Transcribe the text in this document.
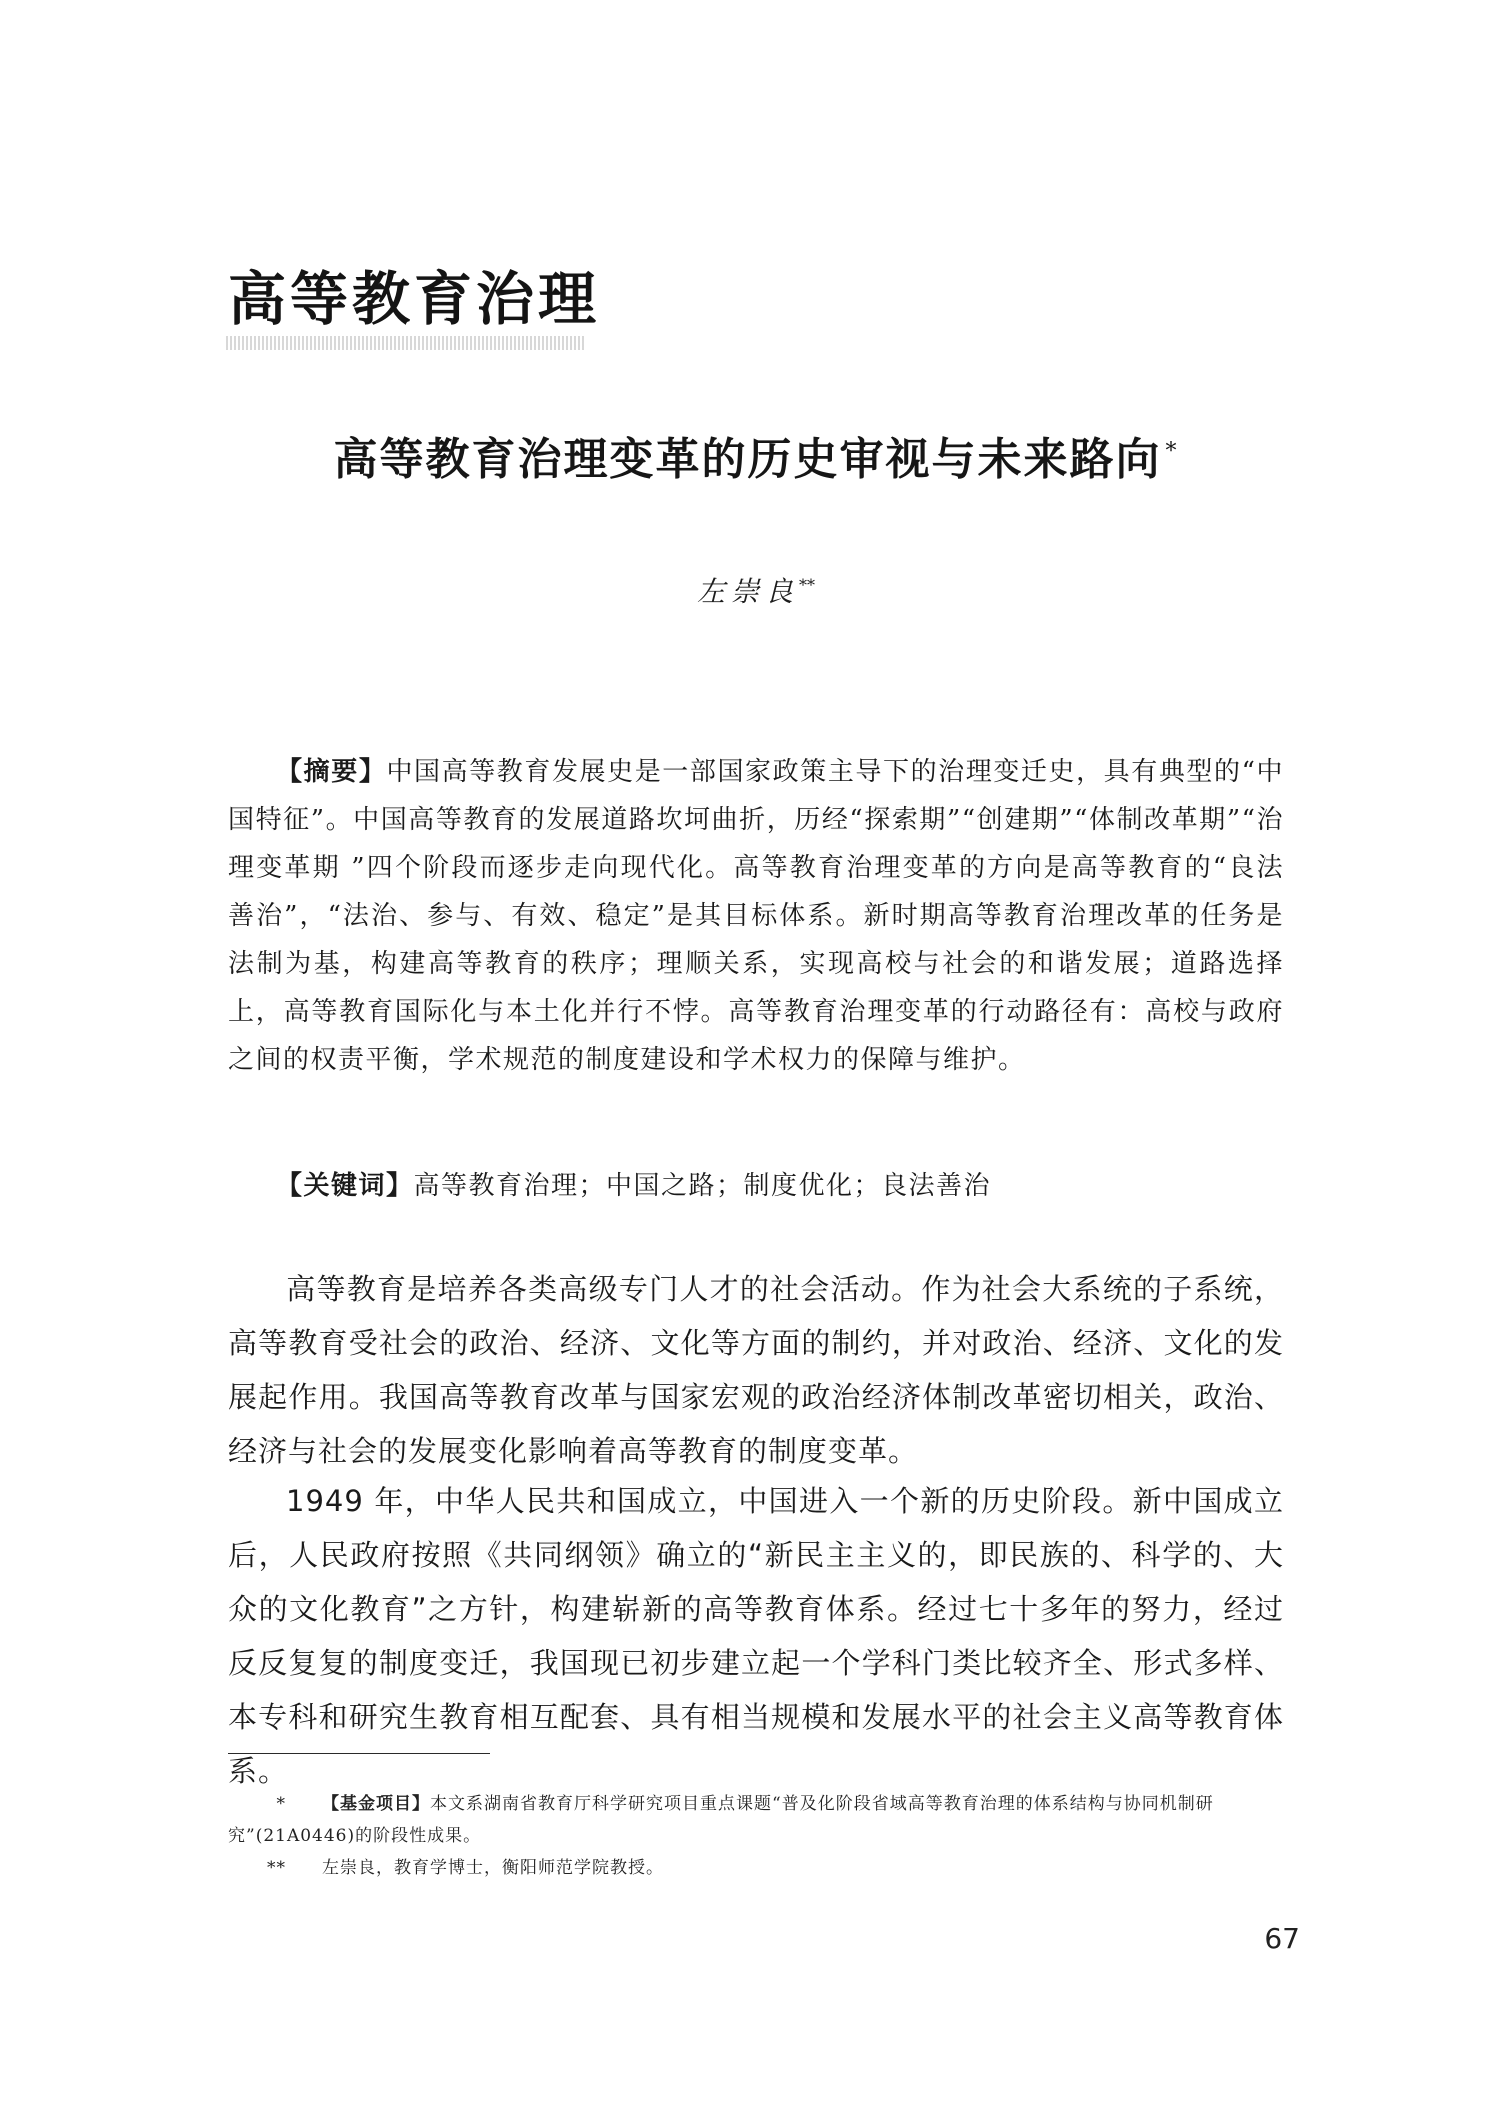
高等教育治理
高等教育治理变革的历史审视与未来路向 *
左崇良**
【摘要】中国高等教育发展史是一部国家政策主导下的治理变迁史，具有典型的“中国特征”。中国高等教育的发展道路坎坷曲折，历经“探索期”“创建期”“体制改革期”“治理变革期 ”四个阶段而逐步走向现代化。高等教育治理变革的方向是高等教育的“良法善治”，“法治、参与、有效、稳定”是其目标体系。新时期高等教育治理改革的任务是法制为基，构建高等教育的秩序；理顺关系，实现高校与社会的和谐发展；道路选择上，高等教育国际化与本土化并行不悖。高等教育治理变革的行动路径有：高校与政府之间的权责平衡，学术规范的制度建设和学术权力的保障与维护。
【关键词】高等教育治理；中国之路；制度优化；良法善治
高等教育是培养各类高级专门人才的社会活动。作为社会大系统的子系统，高等教育受社会的政治、经济、文化等方面的制约，并对政治、经济、文化的发展起作用。我国高等教育改革与国家宏观的政治经济体制改革密切相关，政治、经济与社会的发展变化影响着高等教育的制度变革。
1949 年，中华人民共和国成立，中国进入一个新的历史阶段。新中国成立后，人民政府按照《共同纲领》确立的“新民主主义的，即民族的、科学的、大众的文化教育”之方针，构建崭新的高等教育体系。经过七十多年的努力，经过反反复复的制度变迁，我国现已初步建立起一个学科门类比较齐全、形式多样、本专科和研究生教育相互配套、具有相当规模和发展水平的社会主义高等教育体系。
* 【基金项目】本文系湖南省教育厅科学研究项目重点课题“普及化阶段省域高等教育治理的体系结构与协同机制研究”(21A0446)的阶段性成果。
** 左崇良，教育学博士，衡阳师范学院教授。
67
